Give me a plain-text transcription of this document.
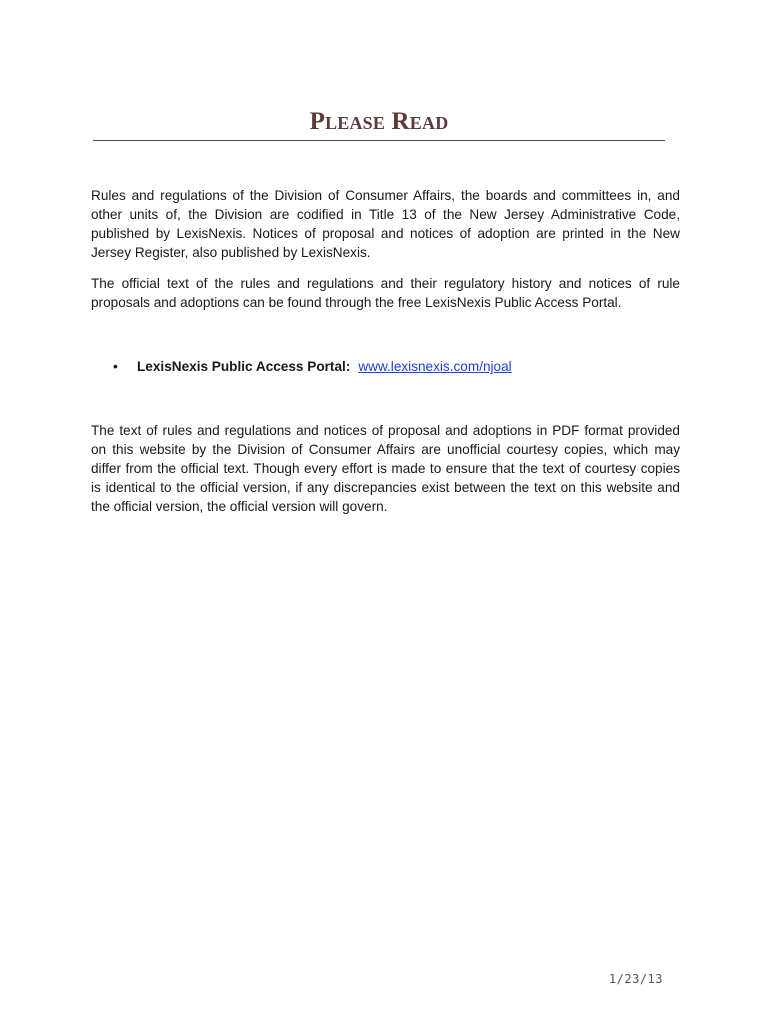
Please Read
Rules and regulations of the Division of Consumer Affairs, the boards and committees in, and other units of, the Division are codified in Title 13 of the New Jersey Administrative Code, published by LexisNexis. Notices of proposal and notices of adoption are printed in the New Jersey Register, also published by LexisNexis.
The official text of the rules and regulations and their regulatory history and notices of rule proposals and adoptions can be found through the free LexisNexis Public Access Portal.
• LexisNexis Public Access Portal: www.lexisnexis.com/njoal
The text of rules and regulations and notices of proposal and adoptions in PDF format provided on this website by the Division of Consumer Affairs are unofficial courtesy copies, which may differ from the official text. Though every effort is made to ensure that the text of courtesy copies is identical to the official version, if any discrepancies exist between the text on this website and the official version, the official version will govern.
1/23/13
